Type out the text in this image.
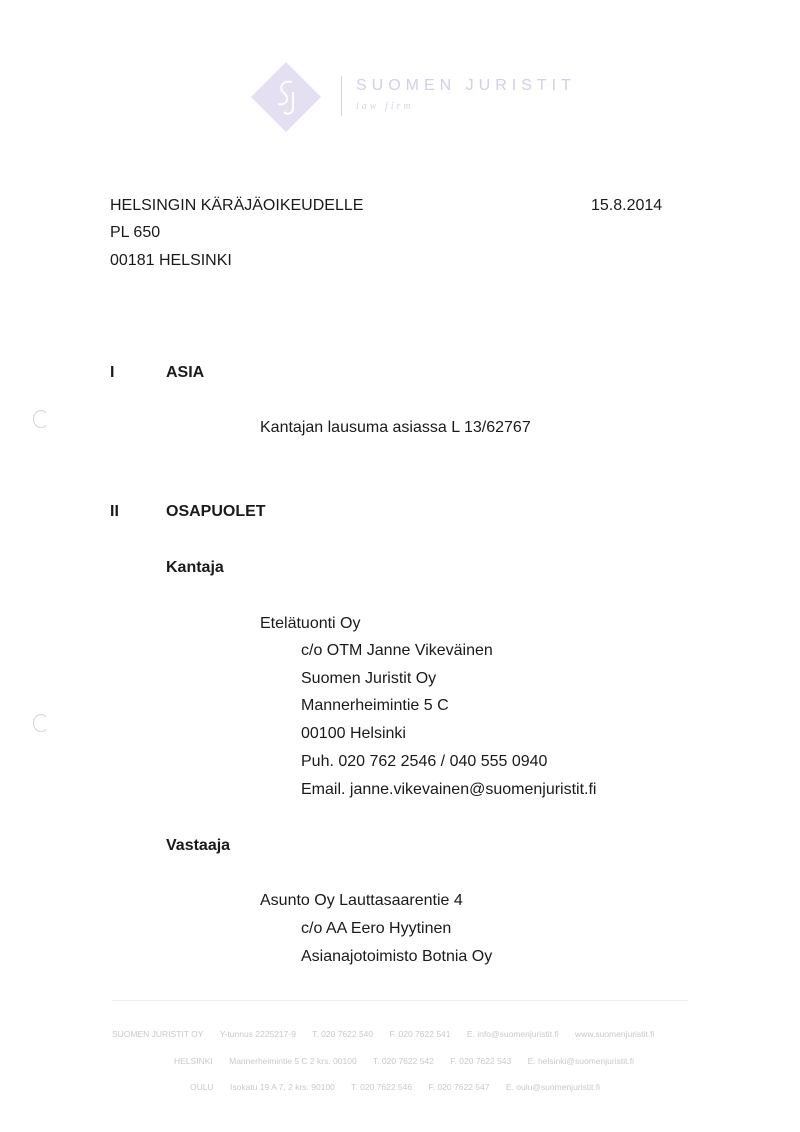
SUOMEN JURISTIT
law firm
HELSINGIN KÄRÄJÄOIKEUDELLE
PL 650
00181 HELSINKI
15.8.2014
I	ASIA
Kantajan lausuma asiassa L 13/62767
II	OSAPUOLET
Kantaja
Etelätuonti Oy
c/o OTM Janne Vikeväinen
Suomen Juristit Oy
Mannerheimintie 5 C
00100 Helsinki
Puh. 020 762 2546 / 040 555 0940
Email. janne.vikevainen@suomenjuristit.fi
Vastaaja
Asunto Oy Lauttasaarentie 4
c/o AA Eero Hyytinen
Asianajotoimisto Botnia Oy
SUOMEN JURISTIT OY Y-tunnus 2225217-9 T. 020 7622 540 F. 020 7622 541 E. info@suomenjuristit.fi www.suomenjuristit.fi
HELSINKI Mannerheimintie 5 C 2 krs. 00100 T. 020 7622 542 F. 020 7622 543 E. helsinki@suomenjuristit.fi
OULU Isokatu 19 A 7, 2 krs. 90100 T. 020 7622 546 F. 020 7622 547 E. oulu@suomenjuristit.fi
